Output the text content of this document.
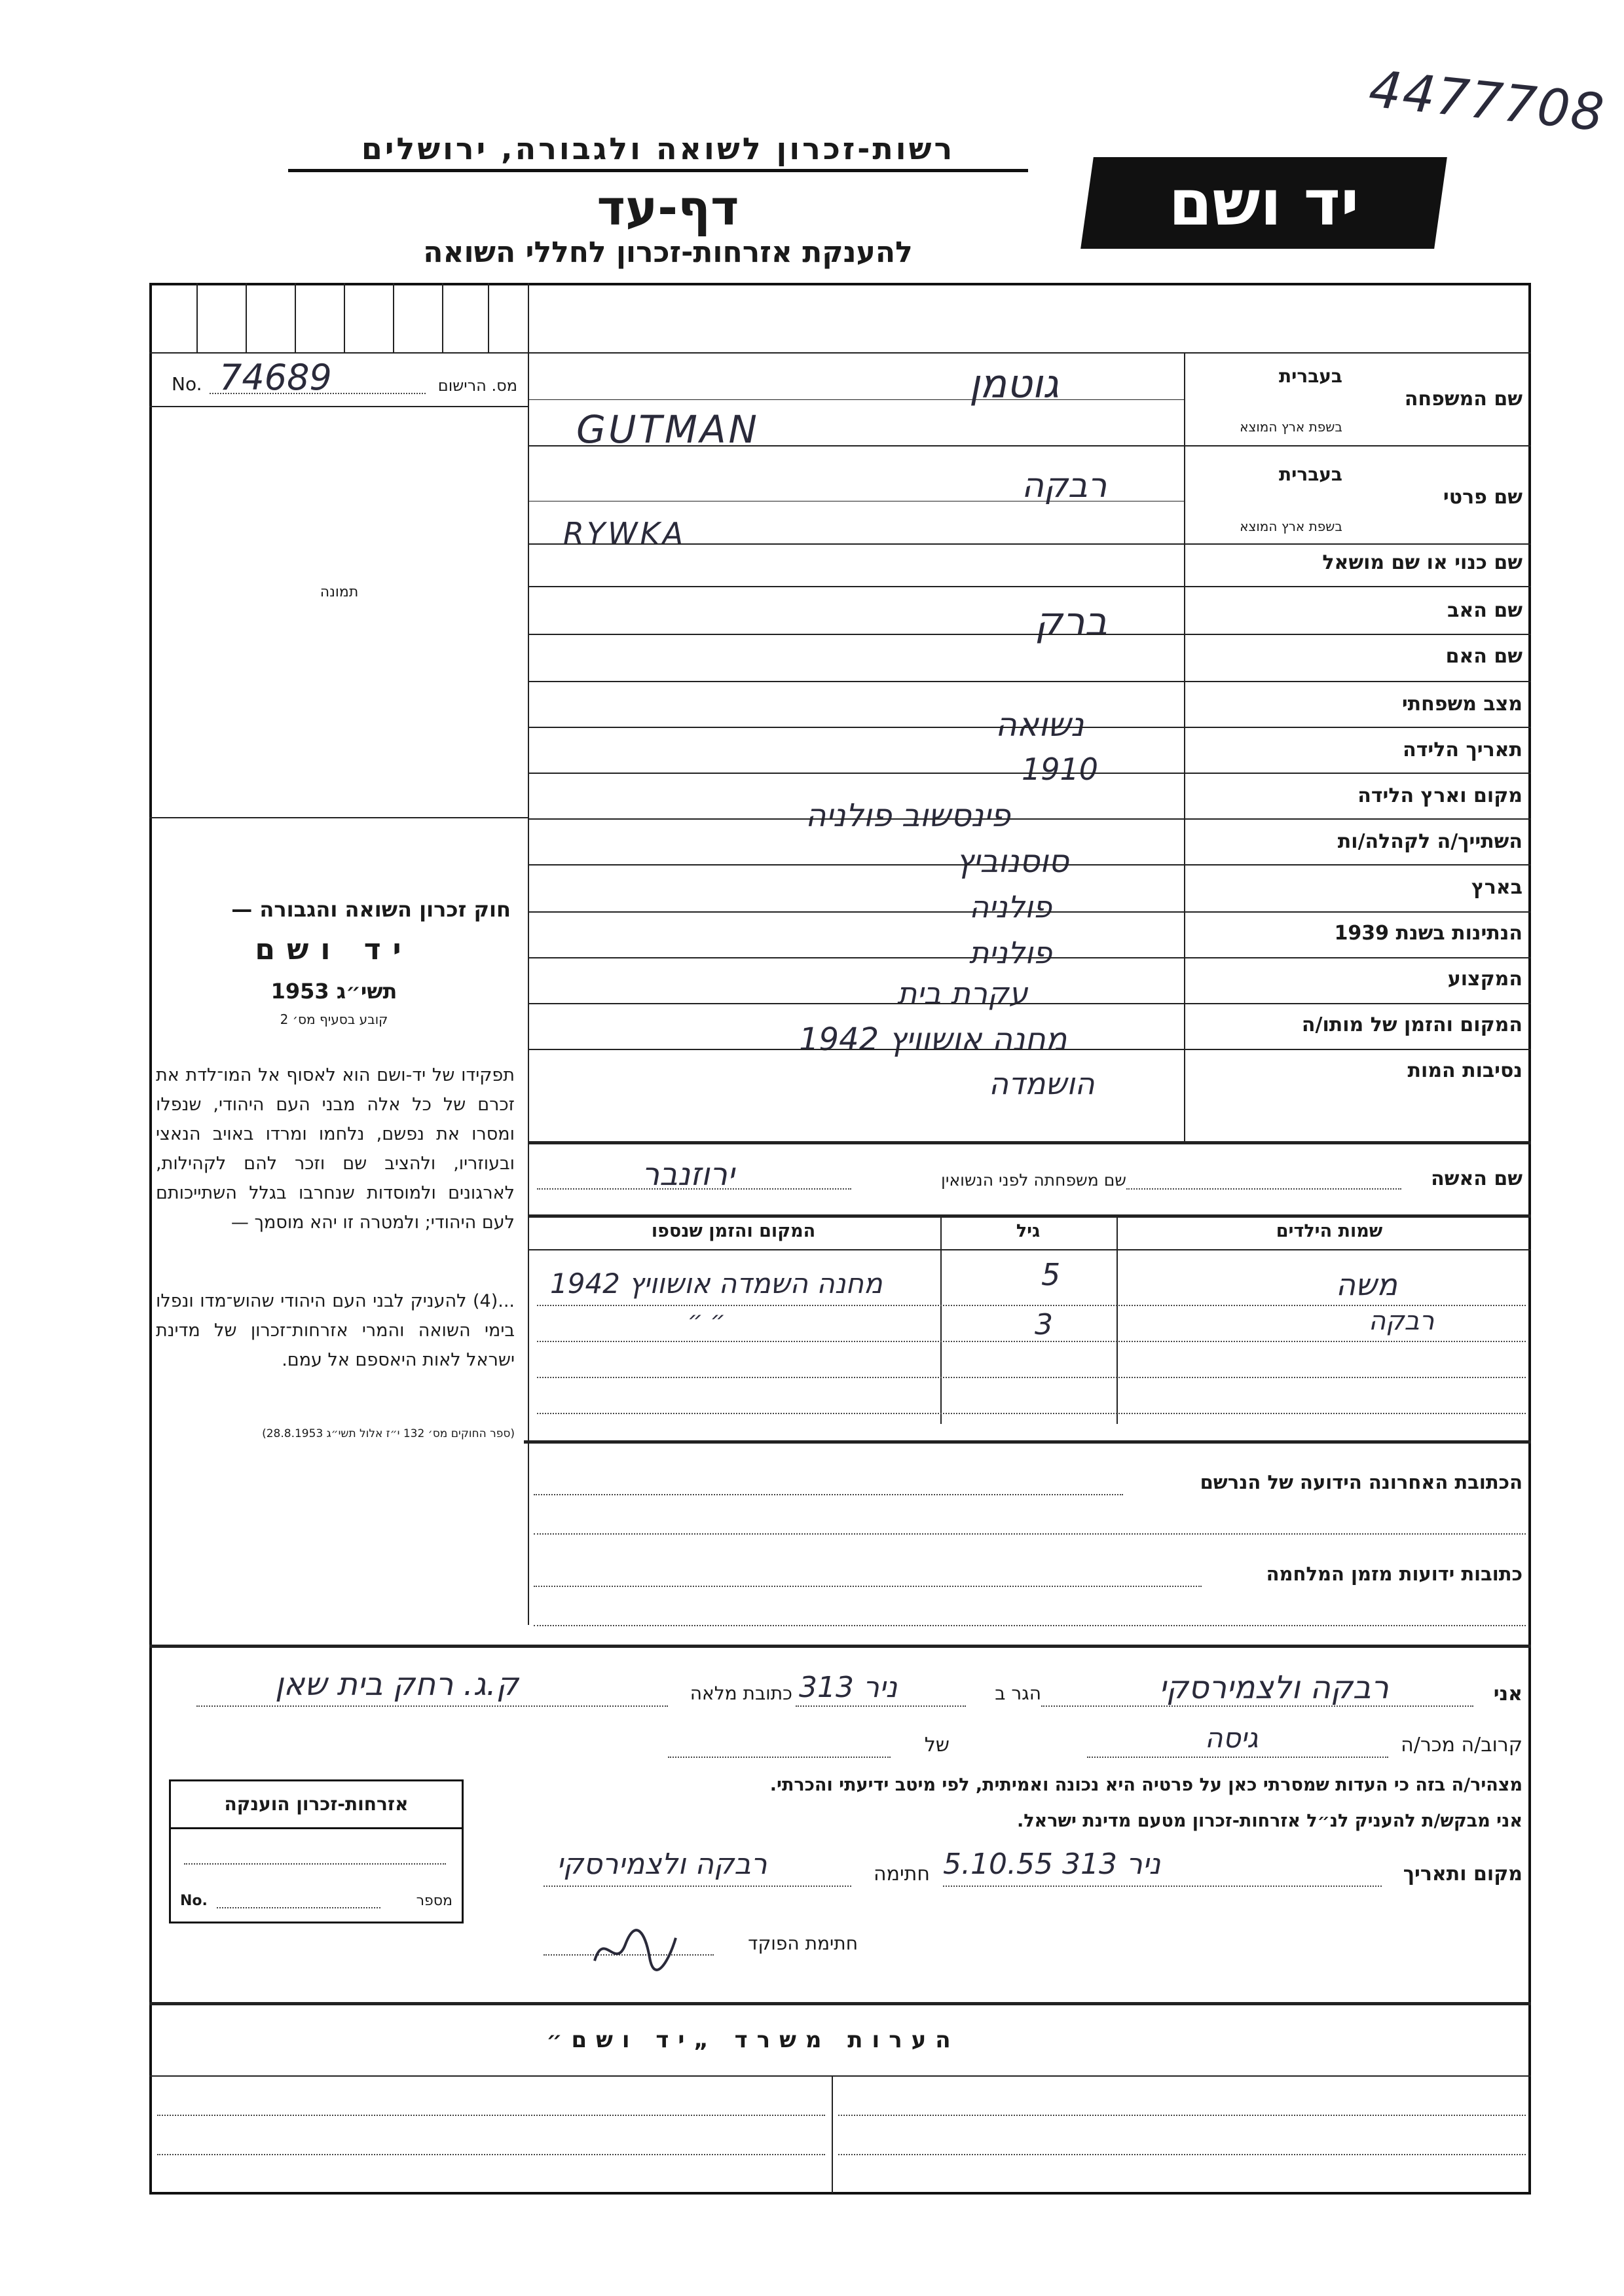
רשות-זכרון לשואה ולגבורה, ירושלים
דף-עד
להענקת אזרחות-זכרון לחללי השואה
יד ושם
4477708
No. 74689	מס. הרישום
תמונה
חוק זכרון השואה והגבורה —
יד ושם
תשי״ג 1953
קובע בסעיף מס׳ 2
תפקידו של יד-ושם הוא לאסוף אל המו־לדת את זכרם של כל אלה מבני העם היהודי, שנפלו ומסרו את נפשם, נלחמו ומרדו באויב הנאצי ובעוזריו, ולהציב שם וזכר להם לקהילות, לארגונים ולמוסדות שנחרבו בגלל השתייכותם לעם היהודי; ולמטרה זו יהא מוסמך —
...(4) להעניק לבני העם היהודי שהוש־מדו ונפלו בימי השואה והמרי אזרחות־זכרון של מדינת ישראל לאות היאספם אל עמם.
(ספר החוקים מס׳ 132 י״ז אלול תשי״ג 28.8.1953)
שם המשפחה
בעברית
בשפת ארץ המוצא
גוטמן
GUTMAN
שם פרטי
בעברית
בשפת ארץ המוצא
רבקה
RYWKA
שם כנוי או שם מושאל
שם האב
ברק
שם האם
מצב משפחתי
נשואה
תאריך הלידה
1910
מקום וארץ הלידה
פינסשוב פולניה
השתייך/ה לקהלה/ות
סוסנוביץ
בארץ
פולניה
הנתינות בשנת 1939
פולנית
המקצוע
עקרת בית
המקום והזמן של מותו/ה
מחנה אושוויץ 1942
נסיבות המות
הושמדה
שם האשה
שם משפחתה לפני הנשואין
ירוזנבר
שמות הילדים
גיל
המקום והזמן שנספו
משה
5
מחנה השמדה אושוויץ 1942
רבקה
3
״ ״
הכתובת האחרונה הידועה של הנרשם
כתובות ידועות מזמן המלחמה
אני
רבקה ולצמירסקי
הגר ב
ניר 313
כתובת מלאה
ק.ג. רחק בית שאן
קרוב/ה מכר/ה
גיסה
של
מצהיר/ה בזה כי העדות שמסרתי כאן על פרטיה היא נכונה ואמיתית, לפי מיטב ידיעתי והכרתי.
אני מבקש/ת להעניק לנ״ל אזרחות-זכרון מטעם מדינת ישראל.
מקום ותאריך
ניר 313 5.10.55
חתימה
רבקה ולצמירסקי
חתימת הפוקד
אזרחות-זכרון הוענקה
No.	מספר
הערות משרד „יד ושם״
